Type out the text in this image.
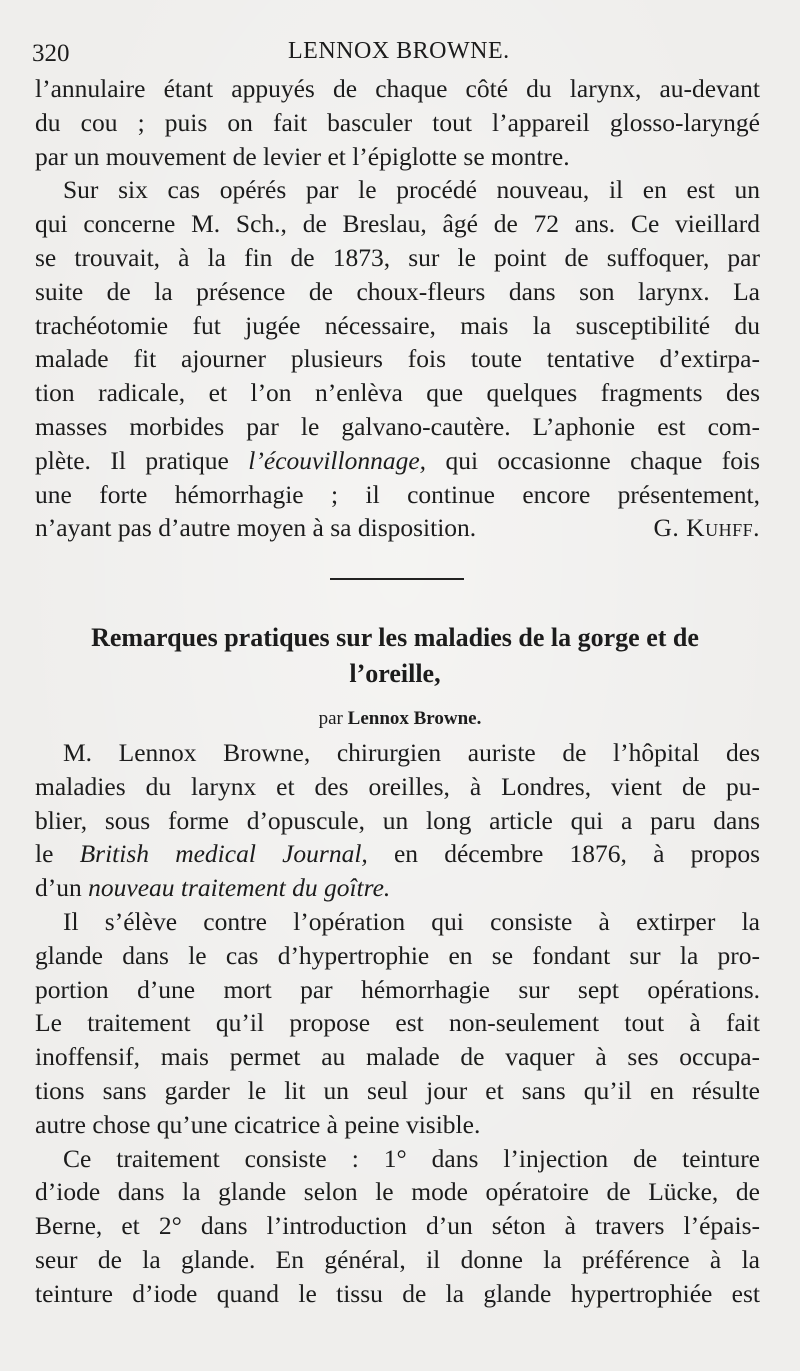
320	LENNOX BROWNE.
l’annulaire étant appuyés de chaque côté du larynx, au-devant
du cou ; puis on fait basculer tout l’appareil glosso-laryngé
par un mouvement de levier et l’épiglotte se montre.
Sur six cas opérés par le procédé nouveau, il en est un
qui concerne M. Sch., de Breslau, âgé de 72 ans. Ce vieillard
se trouvait, à la fin de 1873, sur le point de suffoquer, par
suite de la présence de choux-fleurs dans son larynx. La
trachéotomie fut jugée nécessaire, mais la susceptibilité du
malade fit ajourner plusieurs fois toute tentative d’extirpa-
tion radicale, et l’on n’enlèva que quelques fragments des
masses morbides par le galvano-cautère. L’aphonie est com-
plète. Il pratique l’écouvillonnage, qui occasionne chaque fois
une forte hémorrhagie ; il continue encore présentement,
n’ayant pas d’autre moyen à sa disposition.	G. Kuhff.
Remarques pratiques sur les maladies de la gorge et de
l’oreille,
par Lennox Browne.
M. Lennox Browne, chirurgien auriste de l’hôpital des
maladies du larynx et des oreilles, à Londres, vient de pu-
blier, sous forme d’opuscule, un long article qui a paru dans
le British medical Journal, en décembre 1876, à propos
d’un nouveau traitement du goître.
Il s’élève contre l’opération qui consiste à extirper la
glande dans le cas d’hypertrophie en se fondant sur la pro-
portion d’une mort par hémorrhagie sur sept opérations.
Le traitement qu’il propose est non-seulement tout à fait
inoffensif, mais permet au malade de vaquer à ses occupa-
tions sans garder le lit un seul jour et sans qu’il en résulte
autre chose qu’une cicatrice à peine visible.
Ce traitement consiste : 1° dans l’injection de teinture
d’iode dans la glande selon le mode opératoire de Lücke, de
Berne, et 2° dans l’introduction d’un séton à travers l’épais-
seur de la glande. En général, il donne la préférence à la
teinture d’iode quand le tissu de la glande hypertrophiée est
